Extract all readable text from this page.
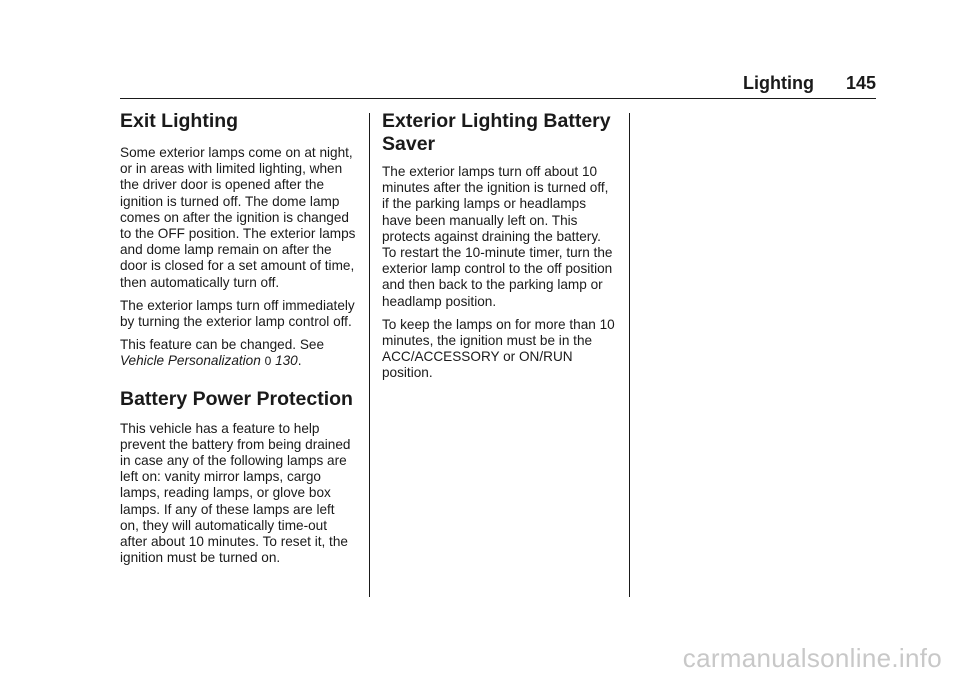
Lighting 145
Exit Lighting

Some exterior lamps come on at night, or in areas with limited lighting, when the driver door is opened after the ignition is turned off. The dome lamp comes on after the ignition is changed to the OFF position. The exterior lamps and dome lamp remain on after the door is closed for a set amount of time, then automatically turn off.

The exterior lamps turn off immediately by turning the exterior lamp control off.

This feature can be changed. See Vehicle Personalization 0 130.

Battery Power Protection

This vehicle has a feature to help prevent the battery from being drained in case any of the following lamps are left on: vanity mirror lamps, cargo lamps, reading lamps, or glove box lamps. If any of these lamps are left on, they will automatically time-out after about 10 minutes. To reset it, the ignition must be turned on.

Exterior Lighting Battery Saver

The exterior lamps turn off about 10 minutes after the ignition is turned off, if the parking lamps or headlamps have been manually left on. This protects against draining the battery. To restart the 10-minute timer, turn the exterior lamp control to the off position and then back to the parking lamp or headlamp position.

To keep the lamps on for more than 10 minutes, the ignition must be in the ACC/ACCESSORY or ON/RUN position.

carmanualsonline.info
